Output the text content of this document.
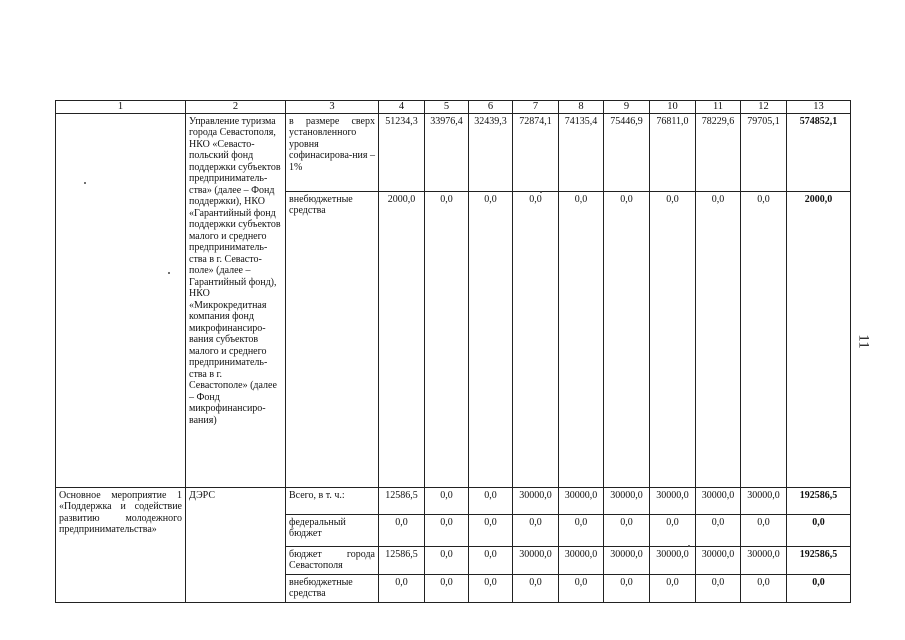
1	2	3	4	5	6	7	8	9	10	11	12	13
	Управление туризма города Севастополя, НКО «Севасто-польский фонд поддержки субъектов предприниматель-ства» (далее – Фонд поддержки), НКО «Гарантийный фонд поддержки субъектов малого и среднего предприниматель-ства в г. Севасто-поле» (далее – Гарантийный фонд), НКО «Микрокредитная компания фонд микрофинансиро-вания субъектов малого и среднего предприниматель-ства в г. Севастополе» (далее – Фонд микрофинансиро-вания)	в размере сверх установленного уровня софинасирова-ния – 1%	51234,3	33976,4	32439,3	72874,1	74135,4	75446,9	76811,0	78229,6	79705,1	574852,1
		внебюджетные средства	2000,0	0,0	0,0	0,0	0,0	0,0	0,0	0,0	0,0	2000,0
Основное мероприятие 1 «Поддержка и содействие развитию молодежного предпринимательства»	ДЭРС	Всего, в т. ч.:	12586,5	0,0	0,0	30000,0	30000,0	30000,0	30000,0	30000,0	30000,0	192586,5
		федеральный бюджет	0,0	0,0	0,0	0,0	0,0	0,0	0,0	0,0	0,0	0,0
		бюджет города Севастополя	12586,5	0,0	0,0	30000,0	30000,0	30000,0	30000,0	30000,0	30000,0	192586,5
		внебюджетные средства	0,0	0,0	0,0	0,0	0,0	0,0	0,0	0,0	0,0	0,0
11
